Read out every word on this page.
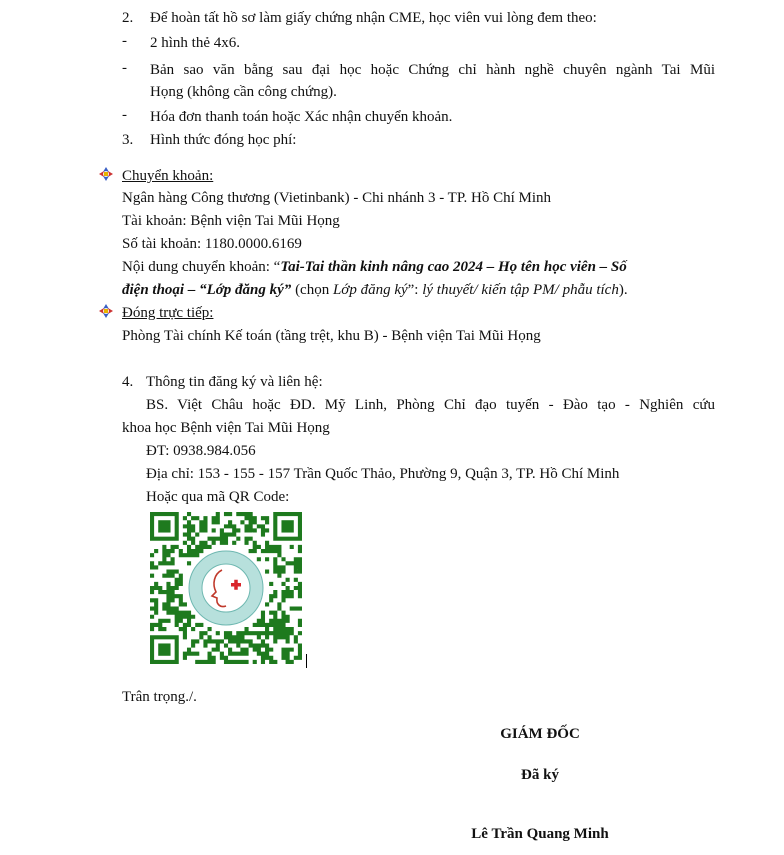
2. Để hoàn tất hồ sơ làm giấy chứng nhận CME, học viên vui lòng đem theo:
- 2 hình thẻ 4x6.
- Bản sao văn bằng sau đại học hoặc Chứng chỉ hành nghề chuyên ngành Tai Mũi
Họng (không cần công chứng).
- Hóa đơn thanh toán hoặc Xác nhận chuyển khoản.
3. Hình thức đóng học phí:
Chuyển khoản:
Ngân hàng Công thương (Vietinbank) - Chi nhánh 3 - TP. Hồ Chí Minh
Tài khoản: Bệnh viện Tai Mũi Họng
Số tài khoản: 1180.0000.6169
Nội dung chuyển khoản: “Tai-Tai thần kinh nâng cao 2024 – Họ tên học viên – Số
điện thoại – “Lớp đăng ký” (chọn Lớp đăng ký”: lý thuyết/ kiến tập PM/ phẫu tích).
Đóng trực tiếp:
Phòng Tài chính Kế toán (tầng trệt, khu B) - Bệnh viện Tai Mũi Họng
4. Thông tin đăng ký và liên hệ:
BS. Việt Châu hoặc ĐD. Mỹ Linh, Phòng Chỉ đạo tuyến - Đào tạo - Nghiên cứu
khoa học Bệnh viện Tai Mũi Họng
ĐT: 0938.984.056
Địa chỉ: 153 - 155 - 157 Trần Quốc Thảo, Phường 9, Quận 3, TP. Hồ Chí Minh
Hoặc qua mã QR Code:
Trân trọng./.
GIÁM ĐỐC
Đã ký
Lê Trần Quang Minh
